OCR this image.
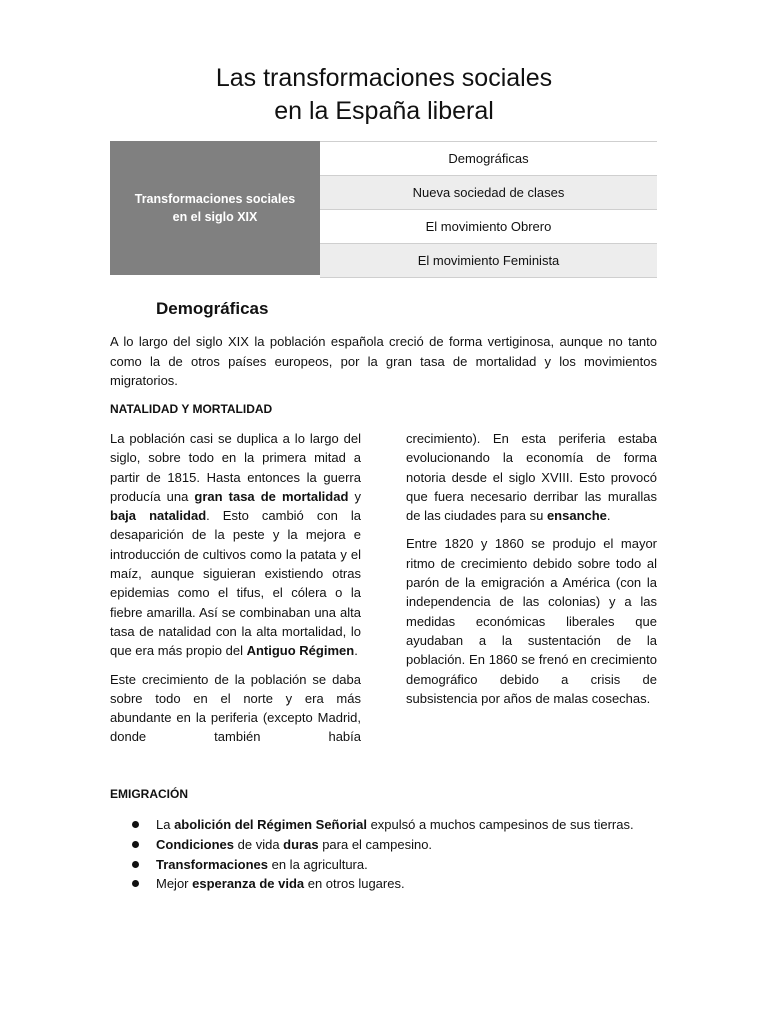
Las transformaciones sociales
en la España liberal
Transformaciones sociales
en el siglo XIX
Demográficas
Nueva sociedad de clases
El movimiento Obrero
El movimiento Feminista
Demográficas

A lo largo del siglo XIX la población española creció de forma vertiginosa, aunque no tanto como la de otros países europeos, por la gran tasa de mortalidad y los movimientos migratorios.

NATALIDAD Y MORTALIDAD

La población casi se duplica a lo largo del siglo, sobre todo en la primera mitad a partir de 1815. Hasta entonces la guerra producía una gran tasa de mortalidad y baja natalidad. Esto cambió con la desaparición de la peste y la mejora e introducción de cultivos como la patata y el maíz, aunque siguieran existiendo otras epidemias como el tifus, el cólera o la fiebre amarilla. Así se combinaban una alta tasa de natalidad con la alta mortalidad, lo que era más propio del Antiguo Régimen.

Este crecimiento de la población se daba sobre todo en el norte y era más abundante en la periferia (excepto Madrid, donde también había

crecimiento). En esta periferia estaba evolucionando la economía de forma notoria desde el siglo XVIII. Esto provocó que fuera necesario derribar las murallas de las ciudades para su ensanche.

Entre 1820 y 1860 se produjo el mayor ritmo de crecimiento debido sobre todo al parón de la emigración a América (con la independencia de las colonias) y a las medidas económicas liberales que ayudaban a la sustentación de la población. En 1860 se frenó en crecimiento demográfico debido a crisis de subsistencia por años de malas cosechas.

EMIGRACIÓN
La abolición del Régimen Señorial expulsó a muchos campesinos de sus tierras.
Condiciones de vida duras para el campesino.
Transformaciones en la agricultura.
Mejor esperanza de vida en otros lugares.
